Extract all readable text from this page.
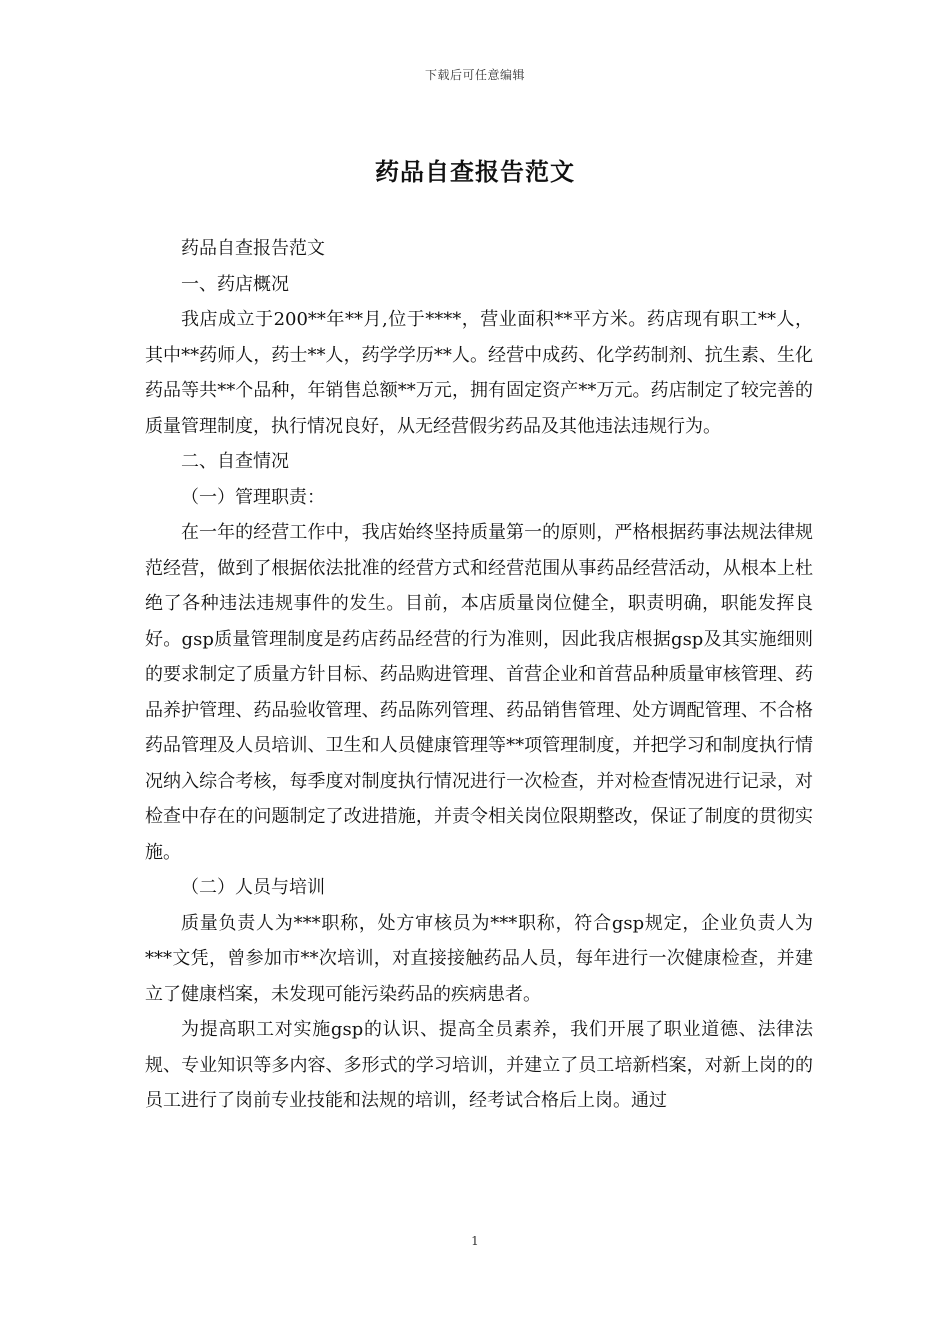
下载后可任意编辑
药品自查报告范文

药品自查报告范文

一、药店概况

我店成立于200**年**月,位于****，营业面积**平方米。药店现有职工**人，其中**药师人，药士**人，药学学历**人。经营中成药、化学药制剂、抗生素、生化药品等共**个品种，年销售总额**万元，拥有固定资产**万元。药店制定了较完善的质量管理制度，执行情况良好，从无经营假劣药品及其他违法违规行为。

二、自查情况

（一）管理职责：

在一年的经营工作中，我店始终坚持质量第一的原则，严格根据药事法规法律规范经营，做到了根据依法批准的经营方式和经营范围从事药品经营活动，从根本上杜绝了各种违法违规事件的发生。目前，本店质量岗位健全，职责明确，职能发挥良好。gsp质量管理制度是药店药品经营的行为准则，因此我店根据gsp及其实施细则的要求制定了质量方针目标、药品购进管理、首营企业和首营品种质量审核管理、药品养护管理、药品验收管理、药品陈列管理、药品销售管理、处方调配管理、不合格药品管理及人员培训、卫生和人员健康管理等**项管理制度，并把学习和制度执行情况纳入综合考核，每季度对制度执行情况进行一次检查，并对检查情况进行记录，对检查中存在的问题制定了改进措施，并责令相关岗位限期整改，保证了制度的贯彻实施。

（二）人员与培训

质量负责人为***职称，处方审核员为***职称，符合gsp规定，企业负责人为***文凭，曾参加市**次培训，对直接接触药品人员，每年进行一次健康检查，并建立了健康档案，未发现可能污染药品的疾病患者。

为提高职工对实施gsp的认识、提高全员素养，我们开展了职业道德、法律法规、专业知识等多内容、多形式的学习培训，并建立了员工培新档案，对新上岗的的员工进行了岗前专业技能和法规的培训，经考试合格后上岗。通过

1
